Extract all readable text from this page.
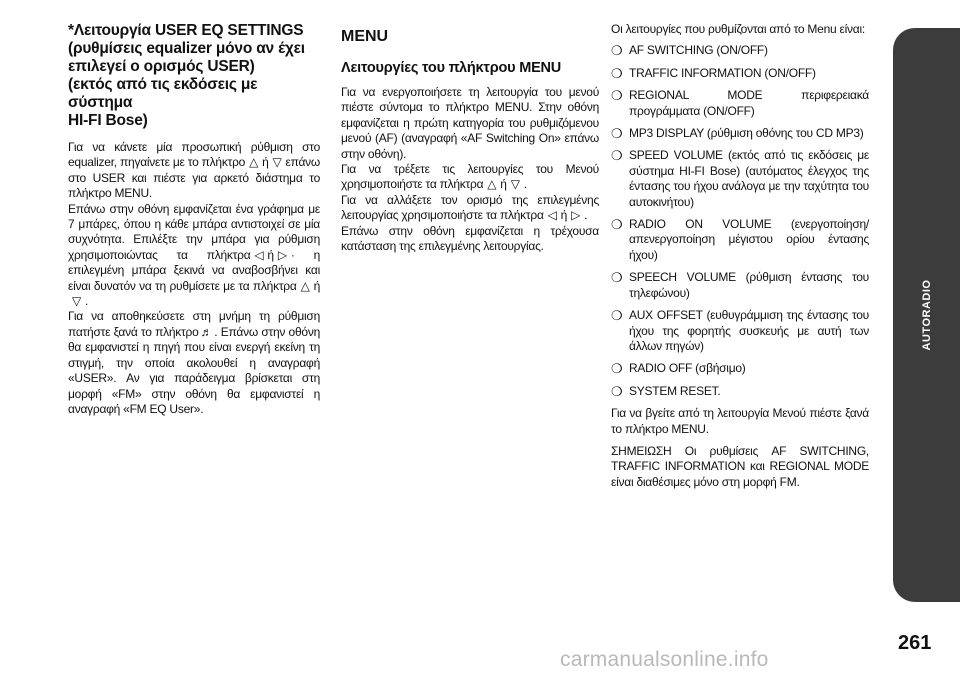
*Λειτουργία USER EQ SETTINGS
(ρυθμίσεις equalizer μόνο αν έχει
επιλεγεί ο ορισμός USER)
(εκτός από τις εκδόσεις με σύστημα
HI-FI Bose)

Για να κάνετε μία προσωπική ρύθμιση στο equalizer, πηγαίνετε με το πλήκτρο △ ή ▽ επάνω στο USER και πιέστε για αρκετό διάστημα το πλήκτρο MENU.

Επάνω στην οθόνη εμφανίζεται ένα γράφημα με 7 μπάρες, όπου η κάθε μπάρα αντιστοιχεί σε μία συχνότητα. Επιλέξτε την μπάρα για ρύθμιση χρησιμοποιώντας τα πλήκτρα ◁ ή ▷ · η επιλεγμένη μπάρα ξεκινά να αναβοσβήνει και είναι δυνατόν να τη ρυθμίσετε με τα πλήκτρα △ ή▽ .

Για να αποθηκεύσετε στη μνήμη τη ρύθμιση πατήστε ξανά το πλήκτρο ♬ . Επάνω στην οθόνη θα εμφανιστεί η πηγή που είναι ενεργή εκείνη τη στιγμή, την οποία ακολουθεί η αναγραφή «USER». Αν για παράδειγμα βρίσκεται στη μορφή «FM» στην οθόνη θα εμφανιστεί η αναγραφή «FM EQ User».

MENU
Λειτουργίες του πλήκτρου MENU

Για να ενεργοποιήσετε τη λειτουργία του μενού πιέστε σύντομα το πλήκτρο MENU. Στην οθόνη εμφανίζεται η πρώτη κατηγορία του ρυθμιζόμενου μενού (AF) (αναγραφή «AF Switching On» επάνω στην οθόνη).

Για να τρέξετε τις λειτουργίες του Μενού χρησιμοποιήστε τα πλήκτρα △ ή ▽ .

Για να αλλάξετε τον ορισμό της επιλεγμένης λειτουργίας χρησιμοποιήστε τα πλήκτρα ◁ ή ▷ .

Επάνω στην οθόνη εμφανίζεται η τρέχουσα κατάσταση της επιλεγμένης λειτουργίας.

Οι λειτουργίες που ρυθμίζονται από το Menu είναι:

❍ AF SWITCHING (ON/OFF)
❍ TRAFFIC INFORMATION (ON/OFF)
❍ REGIONAL MODE περιφερειακά προγράμματα (ON/OFF)
❍ MP3 DISPLAY (ρύθμιση οθόνης του CD MP3)
❍ SPEED VOLUME (εκτός από τις εκδόσεις με σύστημα HI-FI Bose) (αυτόματος έλεγχος της έντασης του ήχου ανάλογα με την ταχύτητα του αυτοκινήτου)
❍ RADIO ON VOLUME (ενεργοποίηση/απενεργοποίηση μέγιστου ορίου έντασης ήχου)
❍ SPEECH VOLUME (ρύθμιση έντασης του τηλεφώνου)
❍ AUX OFFSET (ευθυγράμμιση της έντασης του ήχου της φορητής συσκευής με αυτή των άλλων πηγών)
❍ RADIO OFF (σβήσιμο)
❍ SYSTEM RESET.

Για να βγείτε από τη λειτουργία Μενού πιέστε ξανά το πλήκτρο MENU.

ΣΗΜΕΙΩΣΗ Οι ρυθμίσεις AF SWITCHING, TRAFFIC INFORMATION και REGIONAL MODE είναι διαθέσιμες μόνο στη μορφή FM.

AUTORADIO
261
carmanualsonline.info
